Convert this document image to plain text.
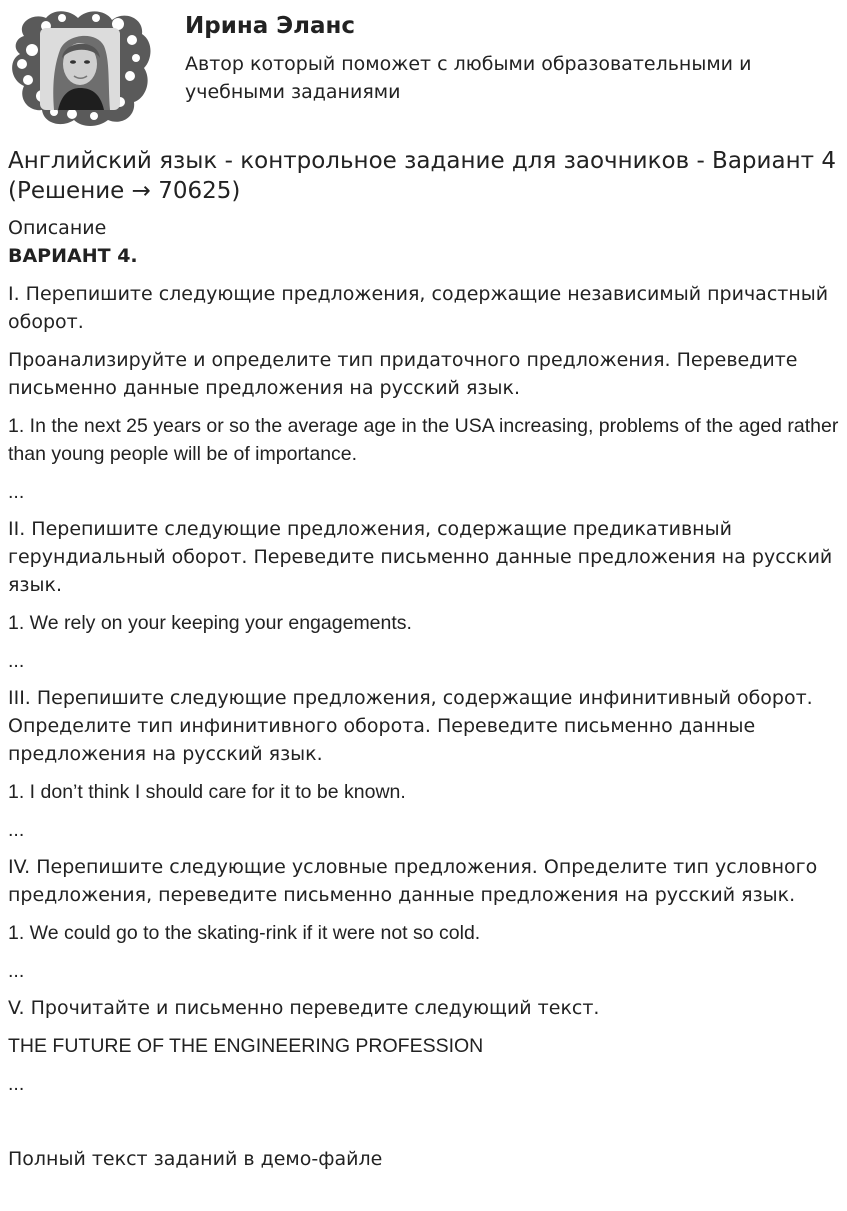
Ирина Эланс
Автор который поможет с любыми образовательными и учебными заданиями
Английский язык - контрольное задание для заочников - Вариант 4 (Решение → 70625)

Описание

ВАРИАНТ 4.

I. Перепишите следующие предложения, содержащие независимый причастный оборот.

Проанализируйте и определите тип придаточного предложения. Переведите письменно данные предложения на русский язык.

1. In the next 25 years or so the average age in the USA increasing, problems of the aged rather than young people will be of importance.

...

II. Перепишите следующие предложения, содержащие предикативный герундиальный оборот. Переведите письменно данные предложения на русский язык.

1. We rely on your keeping your engagements.

...

III. Перепишите следующие предложения, содержащие инфинитивный оборот. Определите тип инфинитивного оборота. Переведите письменно данные предложения на русский язык.

1. I don’t think I should care for it to be known.

...

IV. Перепишите следующие условные предложения. Определите тип условного предложения, переведите письменно данные предложения на русский язык.

1. We could go to the skating-rink if it were not so cold.

...

V. Прочитайте и письменно переведите следующий текст.

THE FUTURE OF THE ENGINEERING PROFESSION

...

Полный текст заданий в демо-файле
